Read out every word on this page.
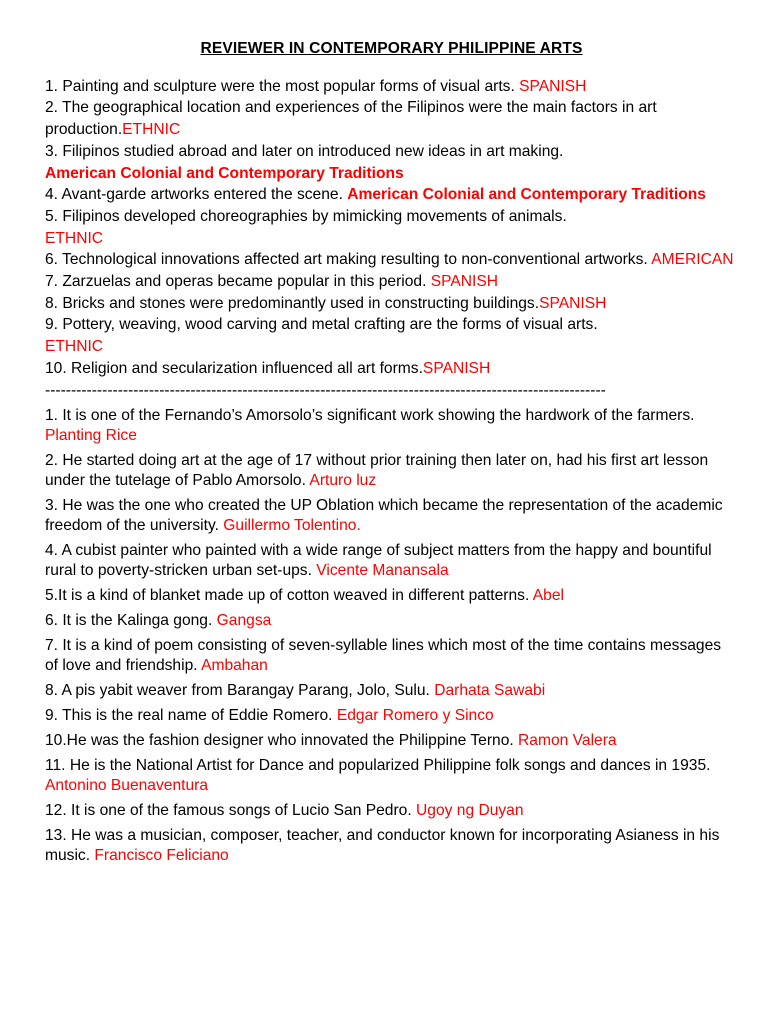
REVIEWER IN CONTEMPORARY PHILIPPINE ARTS

1. Painting and sculpture were the most popular forms of visual arts. SPANISH

2. The geographical location and experiences of the Filipinos were the main factors in art production.ETHNIC

3. Filipinos studied abroad and later on introduced new ideas in art making.
American Colonial and Contemporary Traditions

4. Avant-garde artworks entered the scene. American Colonial and Contemporary Traditions

5. Filipinos developed choreographies by mimicking movements of animals.
ETHNIC

6. Technological innovations affected art making resulting to non-conventional artworks. AMERICAN

7. Zarzuelas and operas became popular in this period. SPANISH

8. Bricks and stones were predominantly used in constructing buildings.SPANISH

9. Pottery, weaving, wood carving and metal crafting are the forms of visual arts.
ETHNIC

10. Religion and secularization influenced all art forms.SPANISH

------------------------------------------------------------------------------------------------------------

1. It is one of the Fernando’s Amorsolo’s significant work showing the hardwork of the farmers. Planting Rice

2. He started doing art at the age of 17 without prior training then later on, had his first art lesson under the tutelage of Pablo Amorsolo. Arturo luz

3. He was the one who created the UP Oblation which became the representation of the academic freedom of the university. Guillermo Tolentino.

4. A cubist painter who painted with a wide range of subject matters from the happy and bountiful rural to poverty-stricken urban set-ups. Vicente Manansala

5.It is a kind of blanket made up of cotton weaved in different patterns. Abel

6. It is the Kalinga gong. Gangsa

7. It is a kind of poem consisting of seven-syllable lines which most of the time contains messages of love and friendship. Ambahan

8. A pis yabit weaver from Barangay Parang, Jolo, Sulu. Darhata Sawabi

9. This is the real name of Eddie Romero. Edgar Romero y Sinco

10.He was the fashion designer who innovated the Philippine Terno. Ramon Valera

11. He is the National Artist for Dance and popularized Philippine folk songs and dances in 1935. Antonino Buenaventura

12. It is one of the famous songs of Lucio San Pedro. Ugoy ng Duyan

13. He was a musician, composer, teacher, and conductor known for incorporating Asianess in his music. Francisco Feliciano
